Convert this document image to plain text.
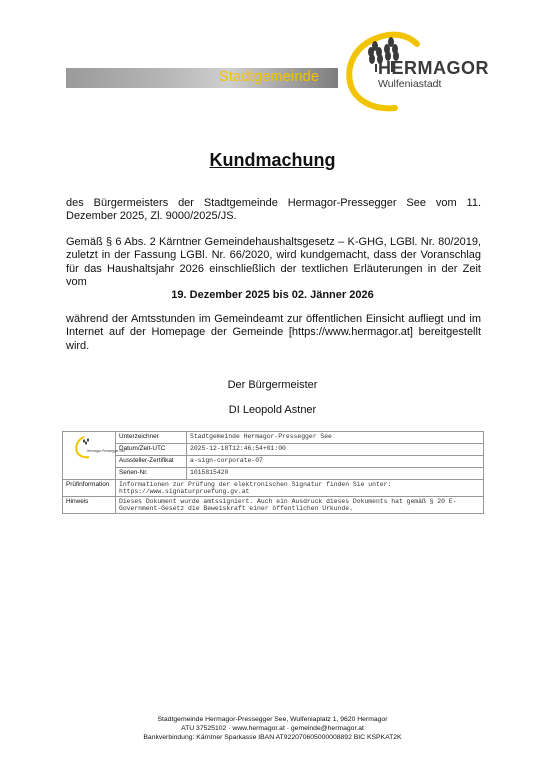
Stadtgemeinde	HERMAGOR
Wulfeniastadt
Kundmachung
des Bürgermeisters der Stadtgemeinde Hermagor-Pressegger See vom 11. Dezember 2025, Zl. 9000/2025/JS.
Gemäß § 6 Abs. 2 Kärntner Gemeindehaushaltsgesetz – K-GHG, LGBl. Nr. 80/2019, zuletzt in der Fassung LGBl. Nr. 66/2020, wird kundgemacht, dass der Voranschlag für das Haushaltsjahr 2026 einschließlich der textlichen Erläuterungen in der Zeit vom
19. Dezember 2025 bis 02. Jänner 2026
während der Amtsstunden im Gemeindeamt zur öffentlichen Einsicht aufliegt und im Internet auf der Homepage der Gemeinde [https://www.hermagor.at] bereitgestellt wird.
Der Bürgermeister
DI Leopold Astner
Hermagor-Pressegger See	Unterzeichner	Stadtgemeinde Hermagor-Pressegger See
	Datum/Zeit-UTC	2025-12-18T12:46:54+01:00
	Aussteller-Zertifikat	a-sign-corporate-07
	Serien-Nr.	1015815420
Prüfinformation	Informationen zur Prüfung der elektronischen Signatur finden Sie unter: https://www.signaturpruefung.gv.at	
Hinweis	Dieses Dokument wurde amtssigniert. Auch ein Ausdruck dieses Dokuments hat gemäß § 20 E-Government-Gesetz die Beweiskraft einer öffentlichen Urkunde.	
Stadtgemeinde Hermagor-Pressegger See, Wulfeniaplatz 1, 9620 Hermagor
ATU 37525102 · www.hermagor.at · gemeinde@hermagor.at
Bankverbindung: Kärntner Sparkasse IBAN AT922070605000008892 BIC KSPKAT2K
